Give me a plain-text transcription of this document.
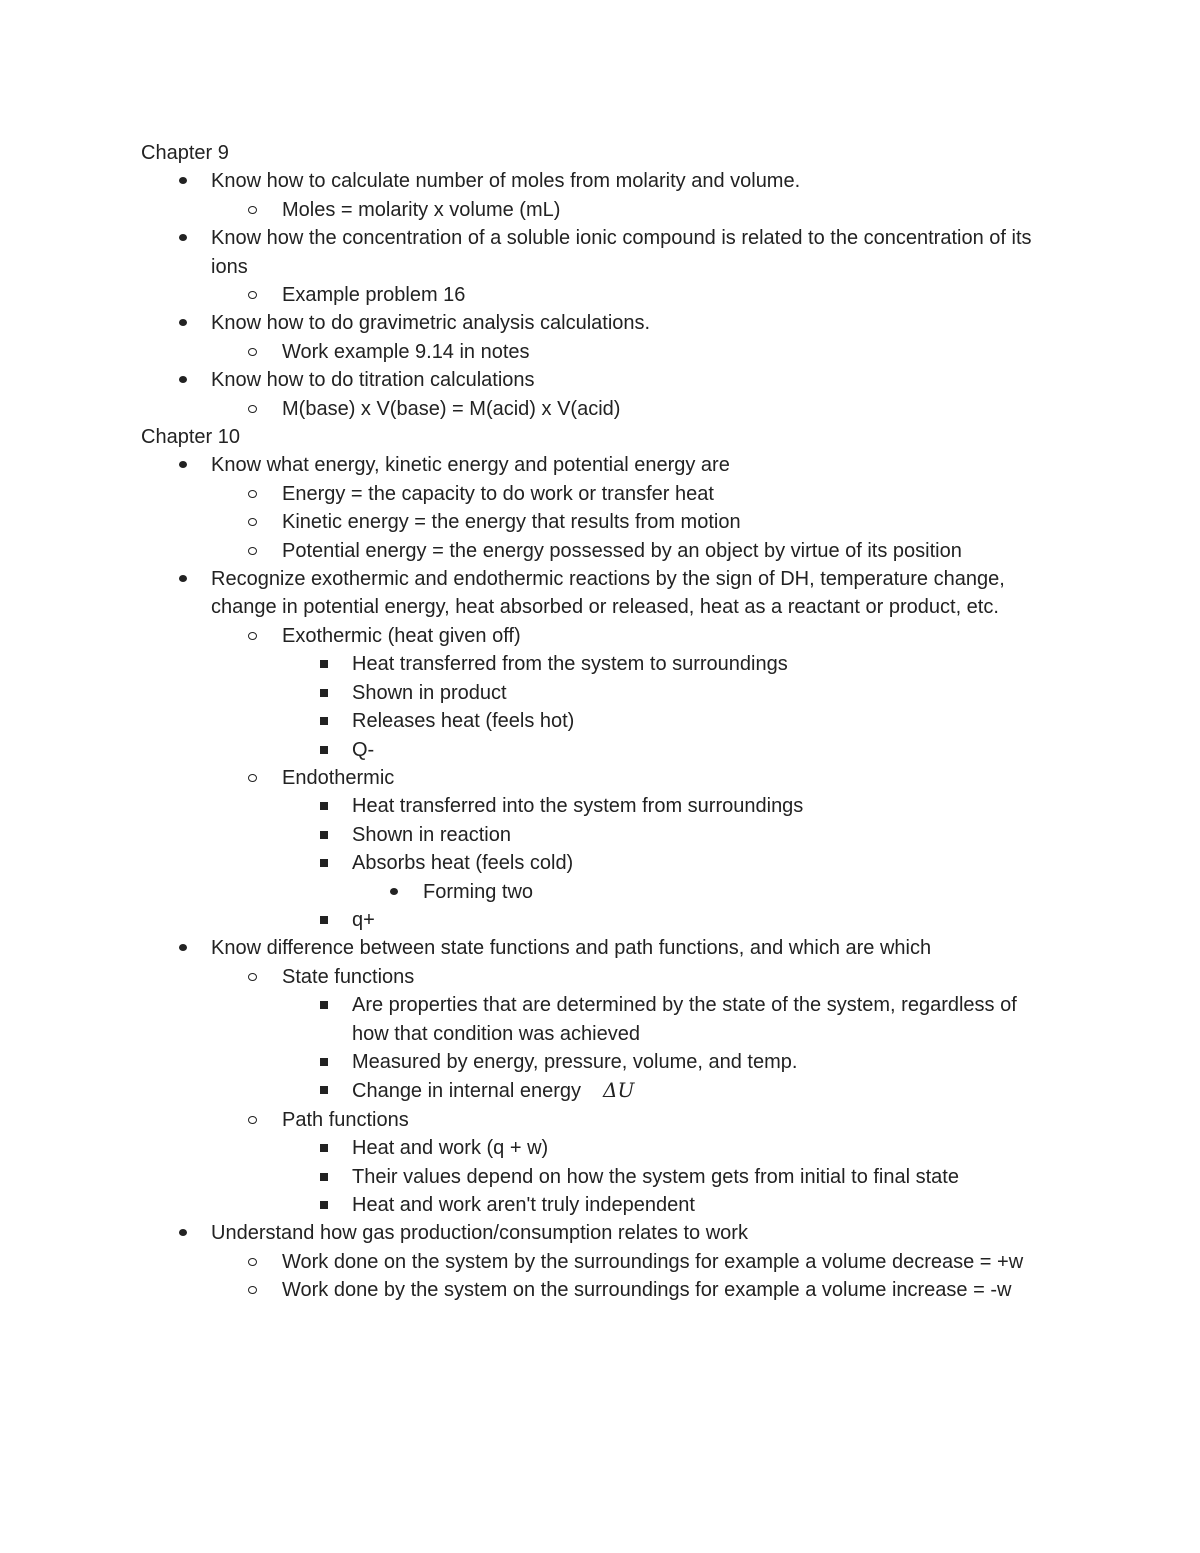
Chapter 9
Know how to calculate number of moles from molarity and volume.
Moles = molarity x volume (mL)
Know how the concentration of a soluble ionic compound is related to the concentration of its ions
Example problem 16
Know how to do gravimetric analysis calculations.
Work example 9.14 in notes
Know how to do titration calculations
M(base) x V(base) = M(acid) x V(acid)
Chapter 10
Know what energy, kinetic energy and potential energy are
Energy = the capacity to do work or transfer heat
Kinetic energy = the energy that results from motion
Potential energy = the energy possessed by an object by virtue of its position
Recognize exothermic and endothermic reactions by the sign of DH, temperature change, change in potential energy, heat absorbed or released, heat as a reactant or product, etc.
Exothermic (heat given off)
Heat transferred from the system to surroundings
Shown in product
Releases heat (feels hot)
Q-
Endothermic
Heat transferred into the system from surroundings
Shown in reaction
Absorbs heat (feels cold)
Forming two
q+
Know difference between state functions and path functions, and which are which
State functions
Are properties that are determined by the state of the system, regardless of how that condition was achieved
Measured by energy, pressure, volume, and temp.
Change in internal energy ΔU
Path functions
Heat and work (q + w)
Their values depend on how the system gets from initial to final state
Heat and work aren't truly independent
Understand how gas production/consumption relates to work
Work done on the system by the surroundings for example a volume decrease = +w
Work done by the system on the surroundings for example a volume increase = -w
